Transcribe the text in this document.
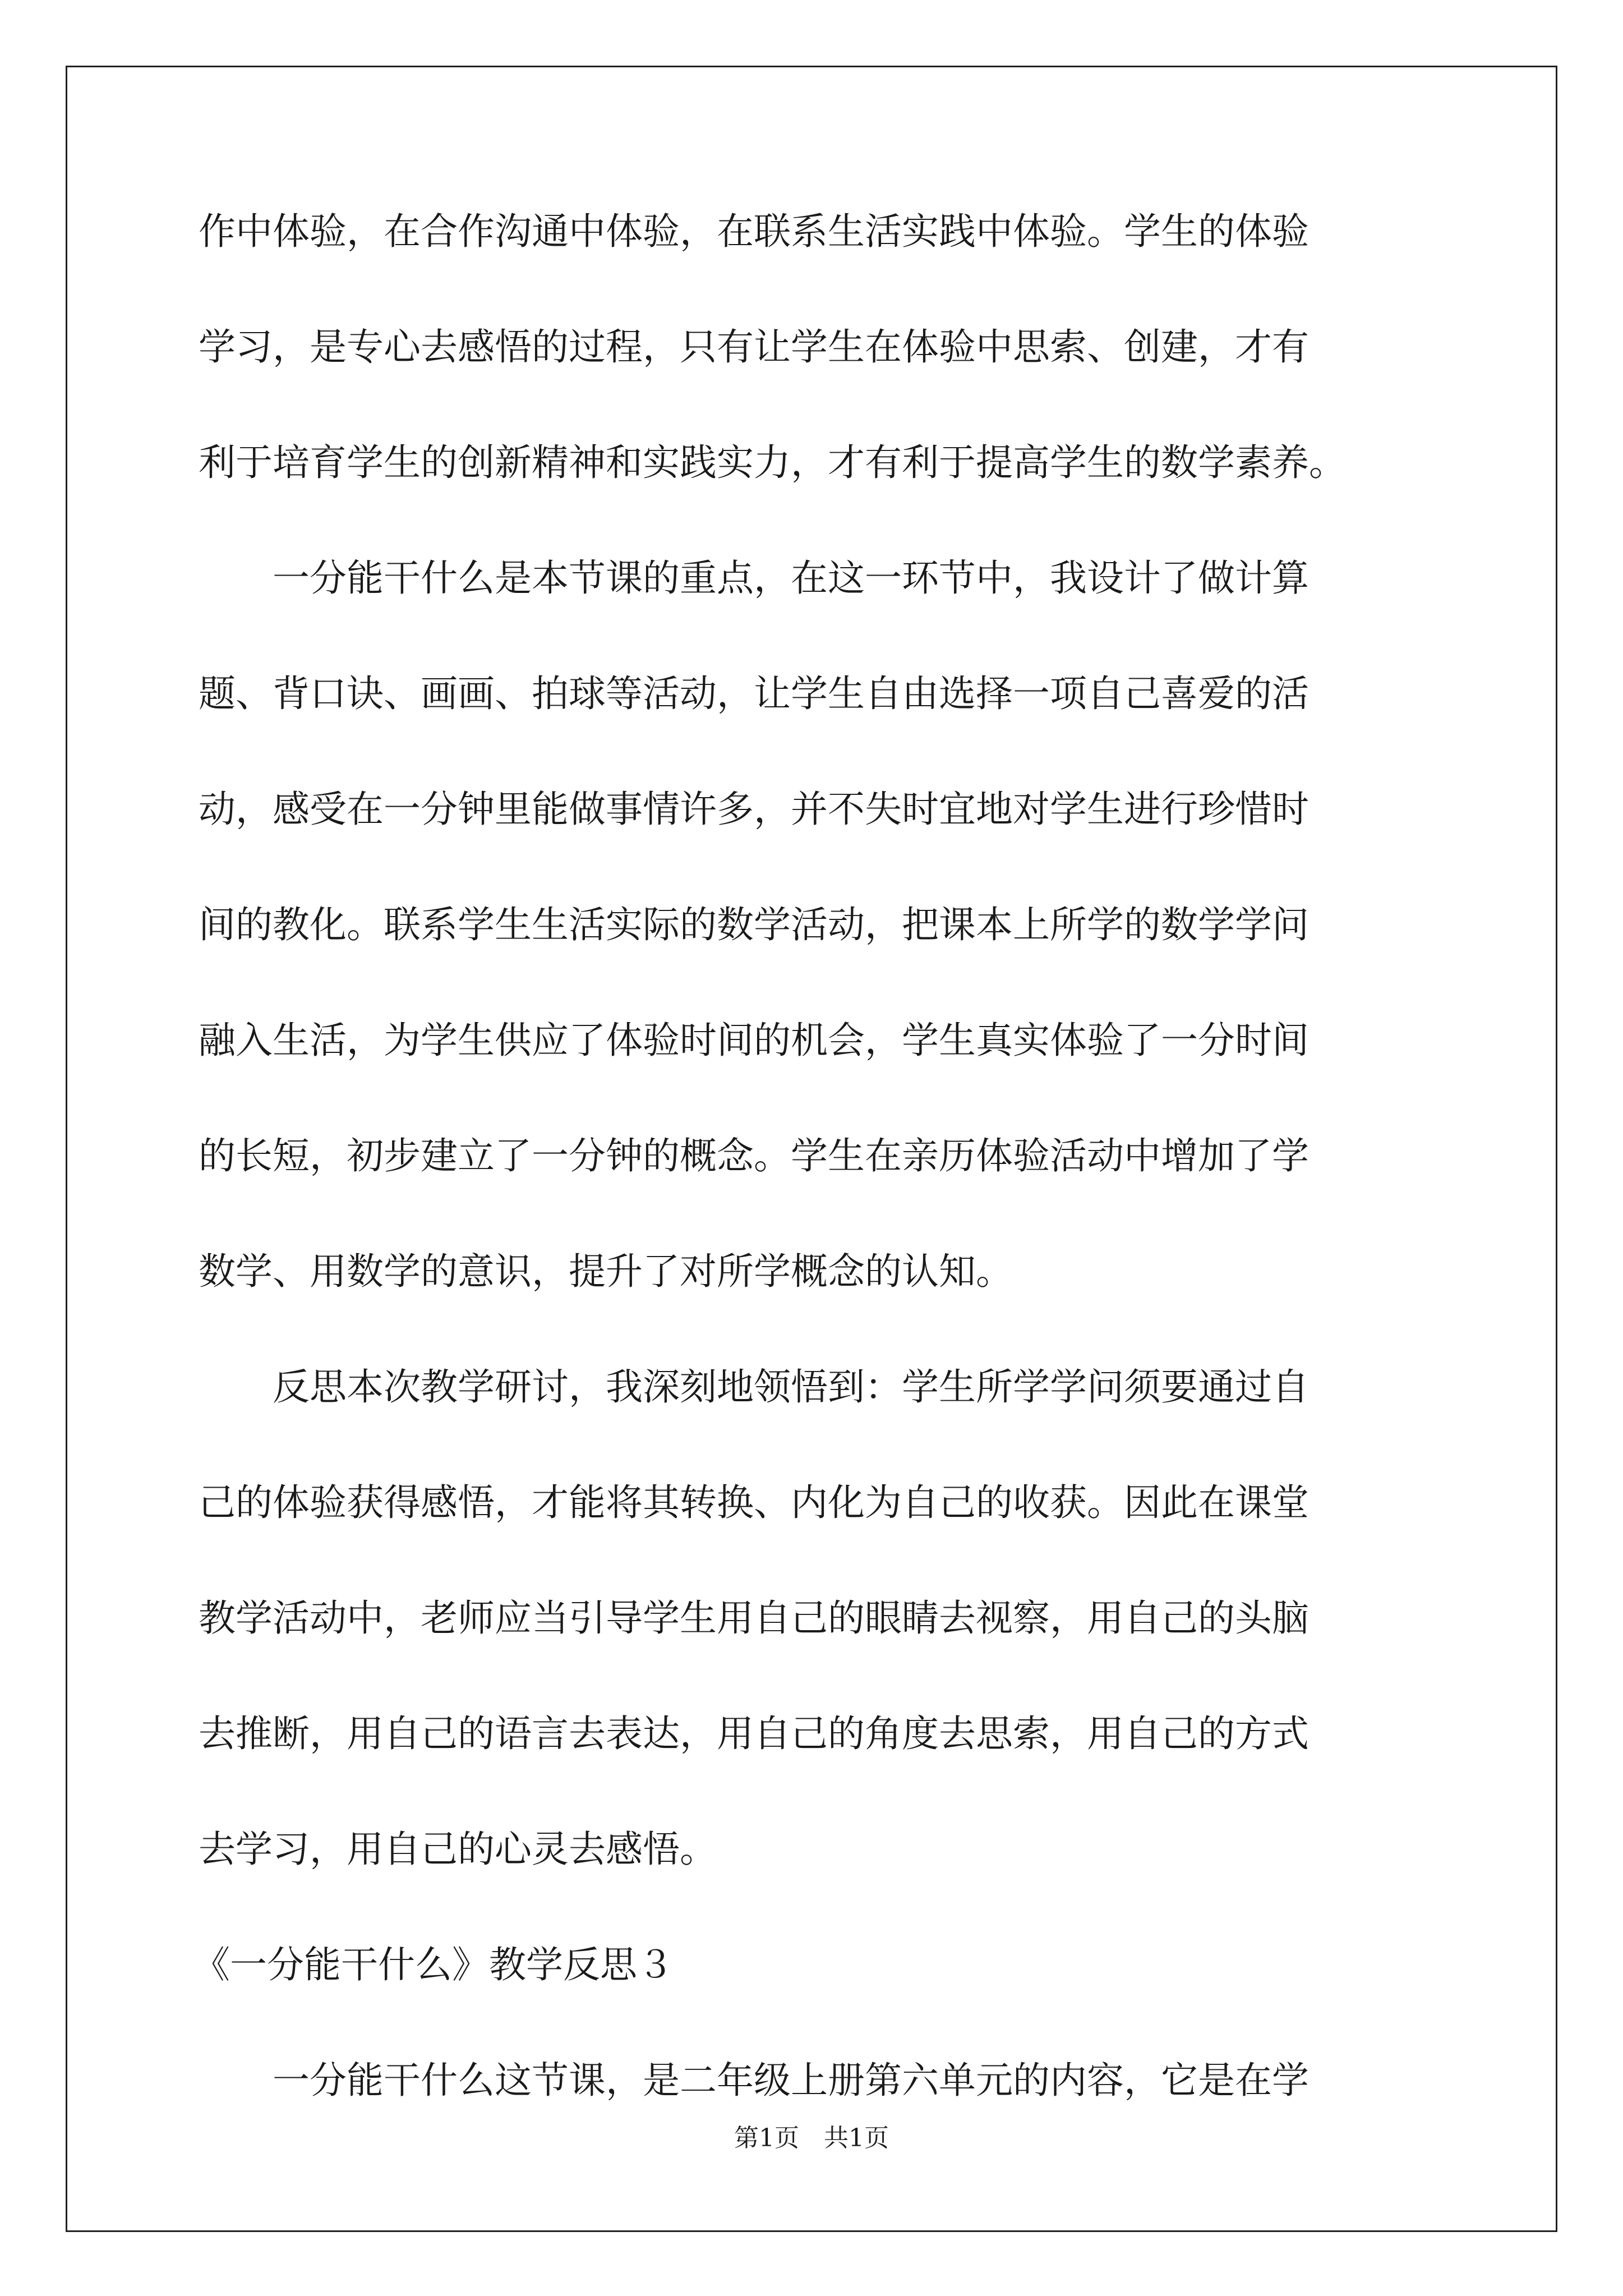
作中体验，在合作沟通中体验，在联系生活实践中体验。学生的体验
学习，是专心去感悟的过程，只有让学生在体验中思索、创建，才有
利于培育学生的创新精神和实践实力，才有利于提高学生的数学素养。
　　一分能干什么是本节课的重点，在这一环节中，我设计了做计算
题、背口诀、画画、拍球等活动，让学生自由选择一项自己喜爱的活
动，感受在一分钟里能做事情许多，并不失时宜地对学生进行珍惜时
间的教化。联系学生生活实际的数学活动，把课本上所学的数学学问
融入生活，为学生供应了体验时间的机会，学生真实体验了一分时间
的长短，初步建立了一分钟的概念。学生在亲历体验活动中增加了学
数学、用数学的意识，提升了对所学概念的认知。
　　反思本次教学研讨，我深刻地领悟到：学生所学学问须要通过自
己的体验获得感悟，才能将其转换、内化为自己的收获。因此在课堂
教学活动中，老师应当引导学生用自己的眼睛去视察，用自己的头脑
去推断，用自己的语言去表达，用自己的角度去思索，用自己的方式
去学习，用自己的心灵去感悟。
《一分能干什么》教学反思３
　　一分能干什么这节课，是二年级上册第六单元的内容，它是在学
第1页　共1页
